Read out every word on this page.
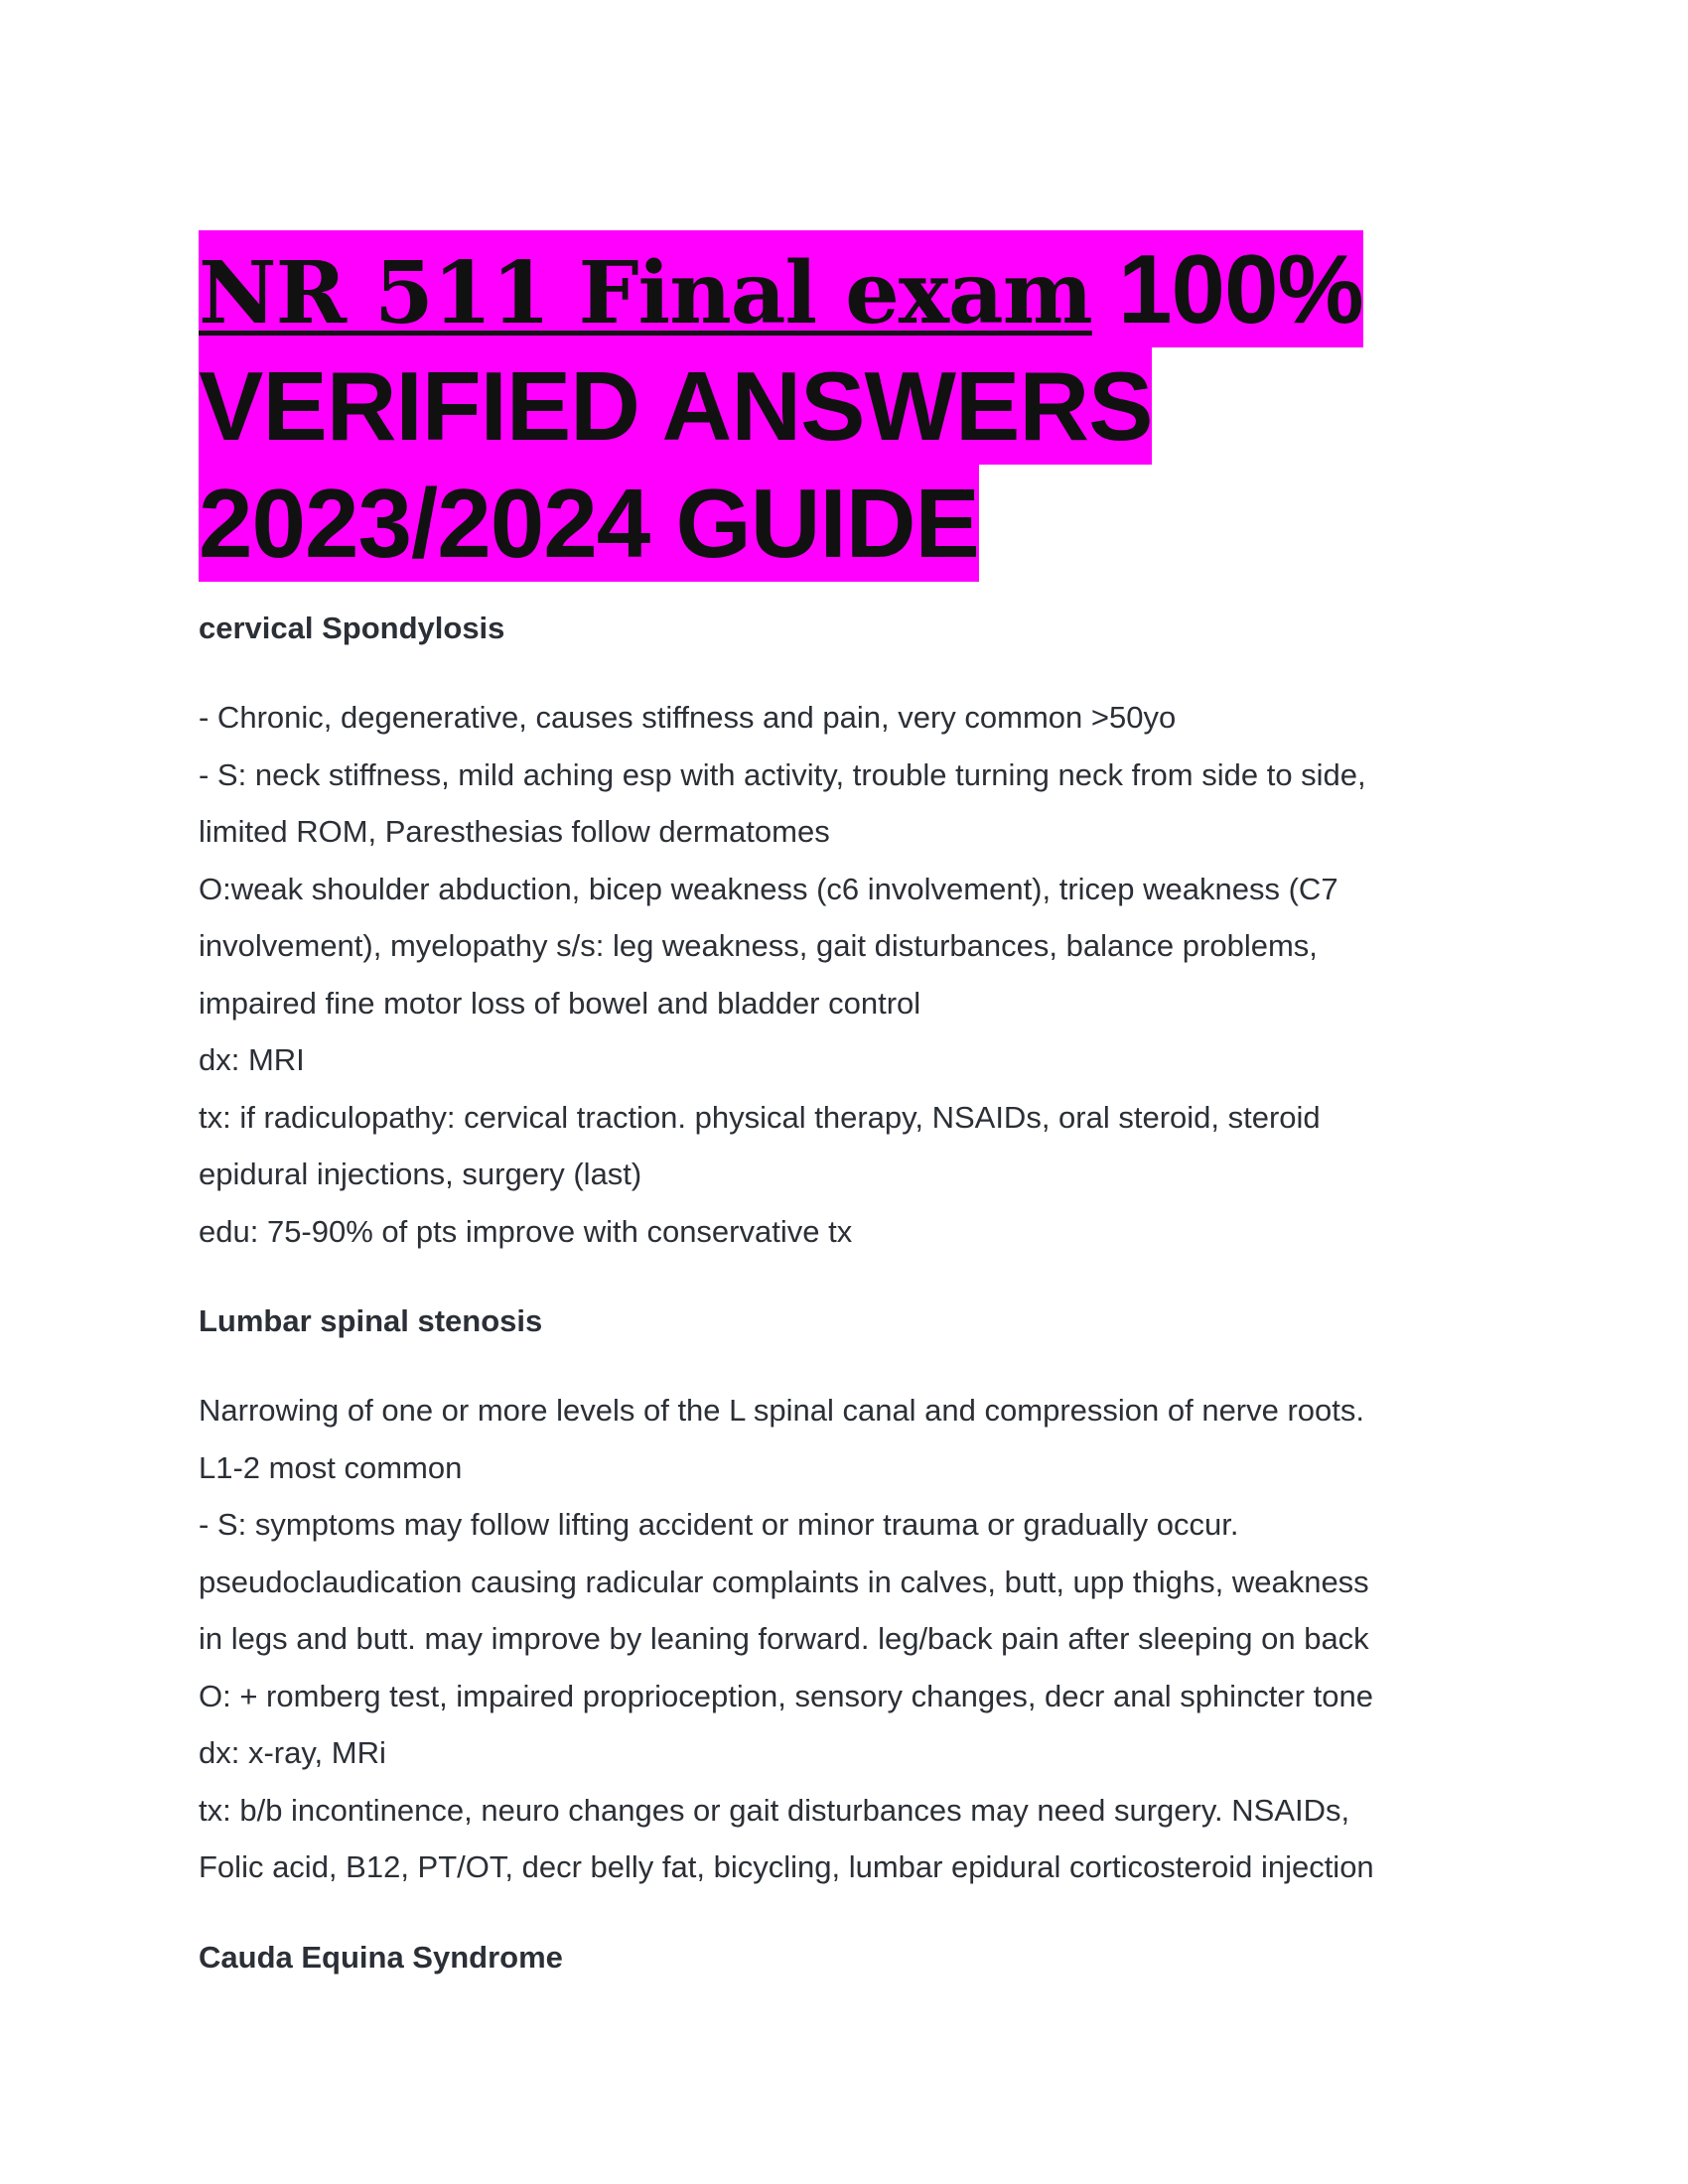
NR 511 Final exam 100%
VERIFIED ANSWERS
2023/2024 GUIDE

cervical Spondylosis

- Chronic, degenerative, causes stiffness and pain, very common >50yo

- S: neck stiffness, mild aching esp with activity, trouble turning neck from side to side,

limited ROM, Paresthesias follow dermatomes

O:weak shoulder abduction, bicep weakness (c6 involvement), tricep weakness (C7

involvement), myelopathy s/s: leg weakness, gait disturbances, balance problems,

impaired fine motor loss of bowel and bladder control

dx: MRI

tx: if radiculopathy: cervical traction. physical therapy, NSAIDs, oral steroid, steroid

epidural injections, surgery (last)

edu: 75-90% of pts improve with conservative tx

Lumbar spinal stenosis

Narrowing of one or more levels of the L spinal canal and compression of nerve roots.

L1-2 most common

- S: symptoms may follow lifting accident or minor trauma or gradually occur.

pseudoclaudication causing radicular complaints in calves, butt, upp thighs, weakness

in legs and butt. may improve by leaning forward. leg/back pain after sleeping on back

O: + romberg test, impaired proprioception, sensory changes, decr anal sphincter tone

dx: x-ray, MRi

tx: b/b incontinence, neuro changes or gait disturbances may need surgery. NSAIDs,

Folic acid, B12, PT/OT, decr belly fat, bicycling, lumbar epidural corticosteroid injection

Cauda Equina Syndrome
